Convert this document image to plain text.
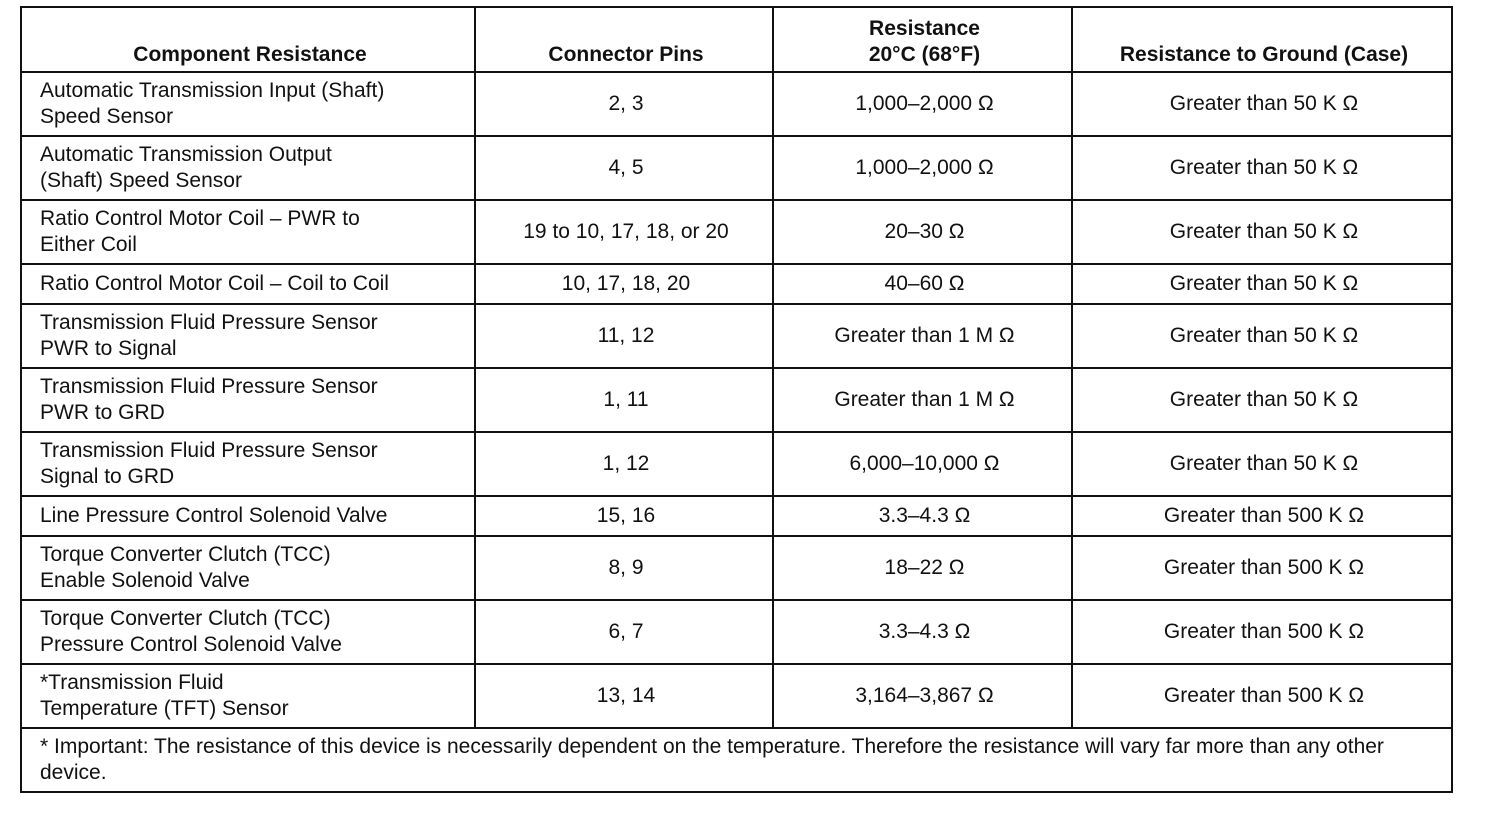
Component Resistance	Connector Pins	Resistance
20°C (68°F)	Resistance to Ground (Case)
Automatic Transmission Input (Shaft)
Speed Sensor	2, 3	1,000–2,000 Ω	Greater than 50 K Ω
Automatic Transmission Output
(Shaft) Speed Sensor	4, 5	1,000–2,000 Ω	Greater than 50 K Ω
Ratio Control Motor Coil – PWR to
Either Coil	19 to 10, 17, 18, or 20	20–30 Ω	Greater than 50 K Ω
Ratio Control Motor Coil – Coil to Coil	10, 17, 18, 20	40–60 Ω	Greater than 50 K Ω
Transmission Fluid Pressure Sensor
PWR to Signal	11, 12	Greater than 1 M Ω	Greater than 50 K Ω
Transmission Fluid Pressure Sensor
PWR to GRD	1, 11	Greater than 1 M Ω	Greater than 50 K Ω
Transmission Fluid Pressure Sensor
Signal to GRD	1, 12	6,000–10,000 Ω	Greater than 50 K Ω
Line Pressure Control Solenoid Valve	15, 16	3.3–4.3 Ω	Greater than 500 K Ω
Torque Converter Clutch (TCC)
Enable Solenoid Valve	8, 9	18–22 Ω	Greater than 500 K Ω
Torque Converter Clutch (TCC)
Pressure Control Solenoid Valve	6, 7	3.3–4.3 Ω	Greater than 500 K Ω
*Transmission Fluid
Temperature (TFT) Sensor	13, 14	3,164–3,867 Ω	Greater than 500 K Ω
* Important: The resistance of this device is necessarily dependent on the temperature. Therefore the resistance will vary far more than any other device.			
